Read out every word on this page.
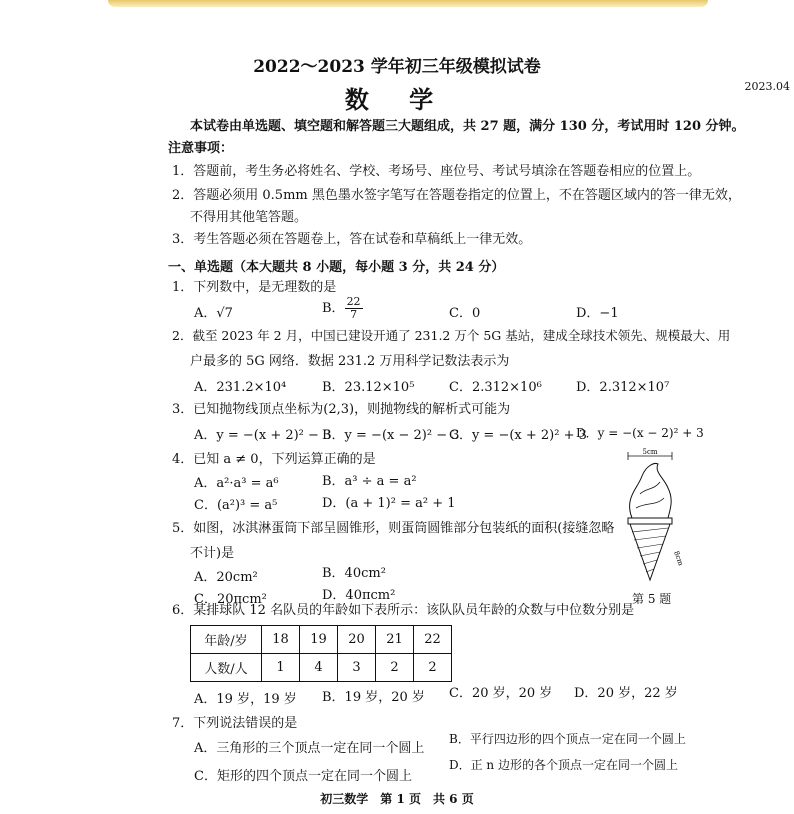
2022～2023 学年初三年级模拟试卷
数 学	2023.04
本试卷由单选题、填空题和解答题三大题组成，共 27 题，满分 130 分，考试用时 120 分钟。
注意事项：
1．答题前，考生务必将姓名、学校、考场号、座位号、考试号填涂在答题卷相应的位置上。
2．答题必须用 0.5mm 黑色墨水签字笔写在答题卷指定的位置上，不在答题区域内的答一律无效，
不得用其他笔答题。
3．考生答题必须在答题卷上，答在试卷和草稿纸上一律无效。
一、单选题（本大题共 8 小题，每小题 3 分，共 24 分）
1．下列数中，是无理数的是
A．√7	B． $\frac{22}{7}$	C．0	D．−1
2．截至 2023 年 2 月，中国已建设开通了 231.2 万个 5G 基站，建成全球技术领先、规模最大、用
户最多的 5G 网络．数据 231.2 万用科学记数法表示为
A．231.2×10⁴	B．23.12×10⁵	C．2.312×10⁶	D．2.312×10⁷
3．已知抛物线顶点坐标为(2,3)，则抛物线的解析式可能为
A．y = −(x + 2)² − 3
B．y = −(x − 2)² − 3
C．y = −(x + 2)² + 3
D．y = −(x − 2)² + 3
4．已知 a ≠ 0，下列运算正确的是
A．a²·a³ = a⁶	B．a³ ÷ a = a²
C．(a²)³ = a⁵	D．(a + 1)² = a² + 1
5．如图，冰淇淋蛋筒下部呈圆锥形，则蛋筒圆锥部分包装纸的面积(接缝忽略
不计)是
A．20cm²	B．40cm²
C．20πcm²	D．40πcm²
5cm
8cm
第 5 题
6．某排球队 12 名队员的年龄如下表所示：该队队员年龄的众数与中位数分别是
年龄/岁	18	19	20	21	22
人数/人	1	4	3	2	2
A．19 岁，19 岁 B．19 岁，20 岁 C．20 岁，20 岁 D．20 岁，22 岁
7．下列说法错误的是
A．三角形的三个顶点一定在同一个圆上
B．平行四边形的四个顶点一定在同一个圆上
C．矩形的四个顶点一定在同一个圆上
D．正 n 边形的各个顶点一定在同一个圆上
初三数学　第 1 页　共 6 页
